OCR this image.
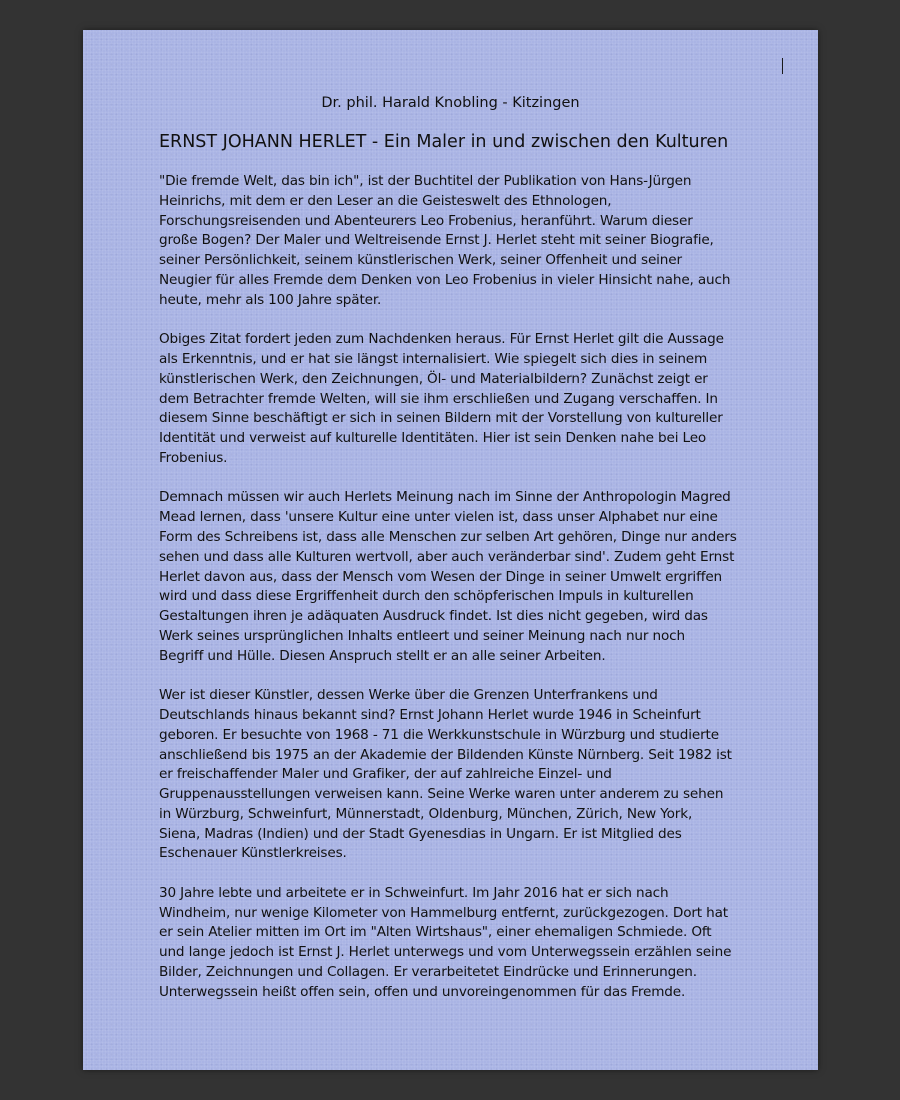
Dr. phil. Harald Knobling - Kitzingen
ERNST JOHANN HERLET - Ein Maler in und zwischen den Kulturen
"Die fremde Welt, das bin ich", ist der Buchtitel der Publikation von Hans-Jürgen
Heinrichs, mit dem er den Leser an die Geisteswelt des Ethnologen,
Forschungsreisenden und Abenteurers Leo Frobenius, heranführt. Warum dieser
große Bogen? Der Maler und Weltreisende Ernst J. Herlet steht mit seiner Biografie,
seiner Persönlichkeit, seinem künstlerischen Werk, seiner Offenheit und seiner
Neugier für alles Fremde dem Denken von Leo Frobenius in vieler Hinsicht nahe, auch
heute, mehr als 100 Jahre später.
Obiges Zitat fordert jeden zum Nachdenken heraus. Für Ernst Herlet gilt die Aussage
als Erkenntnis, und er hat sie längst internalisiert. Wie spiegelt sich dies in seinem
künstlerischen Werk, den Zeichnungen, Öl- und Materialbildern? Zunächst zeigt er
dem Betrachter fremde Welten, will sie ihm erschließen und Zugang verschaffen. In
diesem Sinne beschäftigt er sich in seinen Bildern mit der Vorstellung von kultureller
Identität und verweist auf kulturelle Identitäten. Hier ist sein Denken nahe bei Leo
Frobenius.
Demnach müssen wir auch Herlets Meinung nach im Sinne der Anthropologin Magred
Mead lernen, dass 'unsere Kultur eine unter vielen ist, dass unser Alphabet nur eine
Form des Schreibens ist, dass alle Menschen zur selben Art gehören, Dinge nur anders
sehen und dass alle Kulturen wertvoll, aber auch veränderbar sind'. Zudem geht Ernst
Herlet davon aus, dass der Mensch vom Wesen der Dinge in seiner Umwelt ergriffen
wird und dass diese Ergriffenheit durch den schöpferischen Impuls in kulturellen
Gestaltungen ihren je adäquaten Ausdruck findet. Ist dies nicht gegeben, wird das
Werk seines ursprünglichen Inhalts entleert und seiner Meinung nach nur noch
Begriff und Hülle. Diesen Anspruch stellt er an alle seiner Arbeiten.
Wer ist dieser Künstler, dessen Werke über die Grenzen Unterfrankens und
Deutschlands hinaus bekannt sind? Ernst Johann Herlet wurde 1946 in Scheinfurt
geboren. Er besuchte von 1968 - 71 die Werkkunstschule in Würzburg und studierte
anschließend bis 1975 an der Akademie der Bildenden Künste Nürnberg. Seit 1982 ist
er freischaffender Maler und Grafiker, der auf zahlreiche Einzel- und
Gruppenausstellungen verweisen kann. Seine Werke waren unter anderem zu sehen
in Würzburg, Schweinfurt, Münnerstadt, Oldenburg, München, Zürich, New York,
Siena, Madras (Indien) und der Stadt Gyenesdias in Ungarn. Er ist Mitglied des
Eschenauer Künstlerkreises.
30 Jahre lebte und arbeitete er in Schweinfurt. Im Jahr 2016 hat er sich nach
Windheim, nur wenige Kilometer von Hammelburg entfernt, zurückgezogen. Dort hat
er sein Atelier mitten im Ort im "Alten Wirtshaus", einer ehemaligen Schmiede. Oft
und lange jedoch ist Ernst J. Herlet unterwegs und vom Unterwegssein erzählen seine
Bilder, Zeichnungen und Collagen. Er verarbeitetet Eindrücke und Erinnerungen.
Unterwegssein heißt offen sein, offen und unvoreingenommen für das Fremde.
